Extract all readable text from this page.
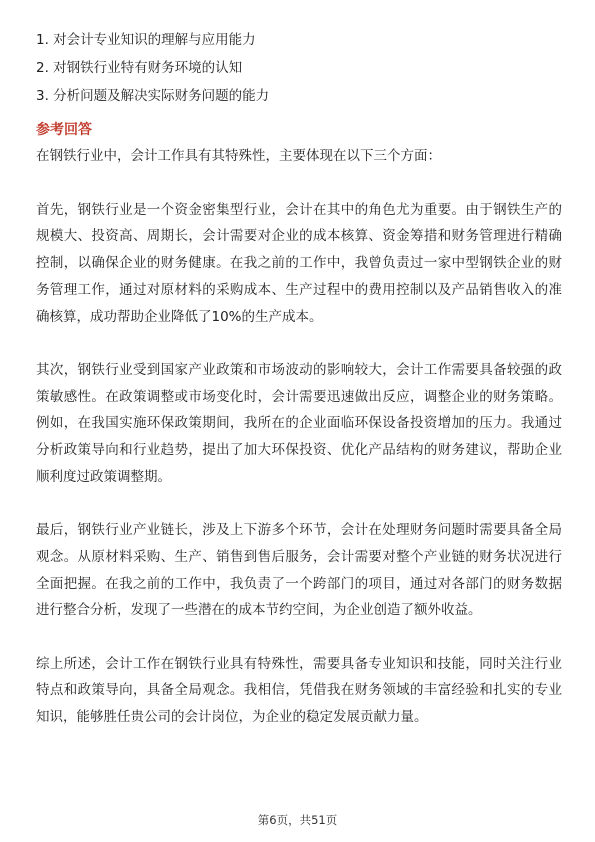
1. 对会计专业知识的理解与应用能力
2. 对钢铁行业特有财务环境的认知
3. 分析问题及解决实际财务问题的能力
参考回答

在钢铁行业中，会计工作具有其特殊性，主要体现在以下三个方面：

首先，钢铁行业是一个资金密集型行业，会计在其中的角色尤为重要。由于钢铁生产的规模大、投资高、周期长，会计需要对企业的成本核算、资金筹措和财务管理进行精确控制，以确保企业的财务健康。在我之前的工作中，我曾负责过一家中型钢铁企业的财务管理工作，通过对原材料的采购成本、生产过程中的费用控制以及产品销售收入的准确核算，成功帮助企业降低了10%的生产成本。

其次，钢铁行业受到国家产业政策和市场波动的影响较大，会计工作需要具备较强的政策敏感性。在政策调整或市场变化时，会计需要迅速做出反应，调整企业的财务策略。例如，在我国实施环保政策期间，我所在的企业面临环保设备投资增加的压力。我通过分析政策导向和行业趋势，提出了加大环保投资、优化产品结构的财务建议，帮助企业顺利度过政策调整期。

最后，钢铁行业产业链长，涉及上下游多个环节，会计在处理财务问题时需要具备全局观念。从原材料采购、生产、销售到售后服务，会计需要对整个产业链的财务状况进行全面把握。在我之前的工作中，我负责了一个跨部门的项目，通过对各部门的财务数据进行整合分析，发现了一些潜在的成本节约空间，为企业创造了额外收益。

综上所述，会计工作在钢铁行业具有特殊性，需要具备专业知识和技能，同时关注行业特点和政策导向，具备全局观念。我相信，凭借我在财务领域的丰富经验和扎实的专业知识，能够胜任贵公司的会计岗位，为企业的稳定发展贡献力量。

第6页，共51页
